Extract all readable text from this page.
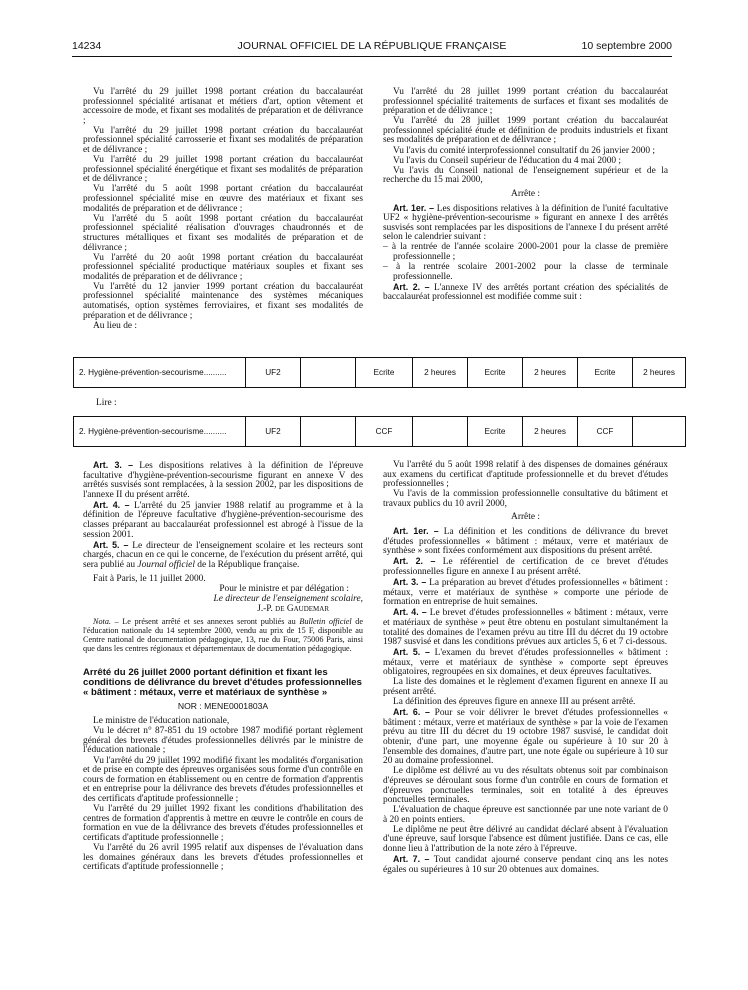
14234	JOURNAL OFFICIEL DE LA RÉPUBLIQUE FRANÇAISE	10 septembre 2000

Vu l'arrêté du 29 juillet 1998 portant création du baccalauréat professionnel spécialité artisanat et métiers d'art, option vêtement et accessoire de mode, et fixant ses modalités de préparation et de délivrance ;

Vu l'arrêté du 29 juillet 1998 portant création du baccalauréat professionnel spécialité carrosserie et fixant ses modalités de préparation et de délivrance ;

Vu l'arrêté du 29 juillet 1998 portant création du baccalauréat professionnel spécialité énergétique et fixant ses modalités de préparation et de délivrance ;

Vu l'arrêté du 5 août 1998 portant création du baccalauréat professionnel spécialité mise en œuvre des matériaux et fixant ses modalités de préparation et de délivrance ;

Vu l'arrêté du 5 août 1998 portant création du baccalauréat professionnel spécialité réalisation d'ouvrages chaudronnés et de structures métalliques et fixant ses modalités de préparation et de délivrance ;

Vu l'arrêté du 20 août 1998 portant création du baccalauréat professionnel spécialité productique matériaux souples et fixant ses modalités de préparation et de délivrance ;

Vu l'arrêté du 12 janvier 1999 portant création du baccalauréat professionnel spécialité maintenance des systèmes mécaniques automatisés, option systèmes ferroviaires, et fixant ses modalités de préparation et de délivrance ;

Au lieu de :

Vu l'arrêté du 28 juillet 1999 portant création du baccalauréat professionnel spécialité traitements de surfaces et fixant ses modalités de préparation et de délivrance ;

Vu l'arrêté du 28 juillet 1999 portant création du baccalauréat professionnel spécialité étude et définition de produits industriels et fixant ses modalités de préparation et de délivrance ;

Vu l'avis du comité interprofessionnel consultatif du 26 janvier 2000 ;

Vu l'avis du Conseil supérieur de l'éducation du 4 mai 2000 ;

Vu l'avis du Conseil national de l'enseignement supérieur et de la recherche du 15 mai 2000,

Arrête :

Art. 1er. – Les dispositions relatives à la définition de l'unité facultative UF2 « hygiène-prévention-secourisme » figurant en annexe I des arrêtés susvisés sont remplacées par les dispositions de l'annexe I du présent arrêté selon le calendrier suivant :

– à la rentrée de l'année scolaire 2000-2001 pour la classe de première professionnelle ;

– à la rentrée scolaire 2001-2002 pour la classe de terminale professionnelle.

Art. 2. – L'annexe IV des arrêtés portant création des spécialités de baccalauréat professionnel est modifiée comme suit :

2. Hygiène-prévention-secourisme..........	UF2		Ecrite	2 heures	Ecrite	2 heures	Ecrite	2 heures
Lire :
2. Hygiène-prévention-secourisme..........	UF2		CCF		Ecrite	2 heures	CCF	

Art. 3. – Les dispositions relatives à la définition de l'épreuve facultative d'hygiène-prévention-secourisme figurant en annexe V des arrêtés susvisés sont remplacées, à la session 2002, par les dispositions de l'annexe II du présent arrêté.

Art. 4. – L'arrêté du 25 janvier 1988 relatif au programme et à la définition de l'épreuve facultative d'hygiène-prévention-secourisme des classes préparant au baccalauréat professionnel est abrogé à l'issue de la session 2001.

Art. 5. – Le directeur de l'enseignement scolaire et les recteurs sont chargés, chacun en ce qui le concerne, de l'exécution du présent arrêté, qui sera publié au Journal officiel de la République française.

Fait à Paris, le 11 juillet 2000.

Pour le ministre et par délégation :

Le directeur de l'enseignement scolaire,

J.-P. de Gaudemar

Nota. – Le présent arrêté et ses annexes seront publiés au Bulletin officiel de l'éducation nationale du 14 septembre 2000, vendu au prix de 15 F, disponible au Centre national de documentation pédagogique, 13, rue du Four, 75006 Paris, ainsi que dans les centres régionaux et départementaux de documentation pédagogique.

Arrêté du 26 juillet 2000 portant définition et fixant les conditions de délivrance du brevet d'études professionnelles « bâtiment : métaux, verre et matériaux de synthèse »

NOR : MENE0001803A

Le ministre de l'éducation nationale,

Vu le décret n° 87-851 du 19 octobre 1987 modifié portant règlement général des brevets d'études professionnelles délivrés par le ministre de l'éducation nationale ;

Vu l'arrêté du 29 juillet 1992 modifié fixant les modalités d'organisation et de prise en compte des épreuves organisées sous forme d'un contrôle en cours de formation en établissement ou en centre de formation d'apprentis et en entreprise pour la délivrance des brevets d'études professionnelles et des certificats d'aptitude professionnelle ;

Vu l'arrêté du 29 juillet 1992 fixant les conditions d'habilitation des centres de formation d'apprentis à mettre en œuvre le contrôle en cours de formation en vue de la délivrance des brevets d'études professionnelles et certificats d'aptitude professionnelle ;

Vu l'arrêté du 26 avril 1995 relatif aux dispenses de l'évaluation dans les domaines généraux dans les brevets d'études professionnelles et certificats d'aptitude professionnelle ;

Vu l'arrêté du 5 août 1998 relatif à des dispenses de domaines généraux aux examens du certificat d'aptitude professionnelle et du brevet d'études professionnelles ;

Vu l'avis de la commission professionnelle consultative du bâtiment et travaux publics du 10 avril 2000,

Arrête :

Art. 1er. – La définition et les conditions de délivrance du brevet d'études professionnelles « bâtiment : métaux, verre et matériaux de synthèse » sont fixées conformément aux dispositions du présent arrêté.

Art. 2. – Le référentiel de certification de ce brevet d'études professionnelles figure en annexe I au présent arrêté.

Art. 3. – La préparation au brevet d'études professionnelles « bâtiment : métaux, verre et matériaux de synthèse » comporte une période de formation en entreprise de huit semaines.

Art. 4. – Le brevet d'études professionnelles « bâtiment : métaux, verre et matériaux de synthèse » peut être obtenu en postulant simultanément la totalité des domaines de l'examen prévu au titre III du décret du 19 octobre 1987 susvisé et dans les conditions prévues aux articles 5, 6 et 7 ci-dessous.

Art. 5. – L'examen du brevet d'études professionnelles « bâtiment : métaux, verre et matériaux de synthèse » comporte sept épreuves obligatoires, regroupées en six domaines, et deux épreuves facultatives.

La liste des domaines et le règlement d'examen figurent en annexe II au présent arrêté.

La définition des épreuves figure en annexe III au présent arrêté.

Art. 6. – Pour se voir délivrer le brevet d'études professionnelles « bâtiment : métaux, verre et matériaux de synthèse » par la voie de l'examen prévu au titre III du décret du 19 octobre 1987 susvisé, le candidat doit obtenir, d'une part, une moyenne égale ou supérieure à 10 sur 20 à l'ensemble des domaines, d'autre part, une note égale ou supérieure à 10 sur 20 au domaine professionnel.

Le diplôme est délivré au vu des résultats obtenus soit par combinaison d'épreuves se déroulant sous forme d'un contrôle en cours de formation et d'épreuves ponctuelles terminales, soit en totalité à des épreuves ponctuelles terminales.

L'évaluation de chaque épreuve est sanctionnée par une note variant de 0 à 20 en points entiers.

Le diplôme ne peut être délivré au candidat déclaré absent à l'évaluation d'une épreuve, sauf lorsque l'absence est dûment justifiée. Dans ce cas, elle donne lieu à l'attribution de la note zéro à l'épreuve.

Art. 7. – Tout candidat ajourné conserve pendant cinq ans les notes égales ou supérieures à 10 sur 20 obtenues aux domaines.
